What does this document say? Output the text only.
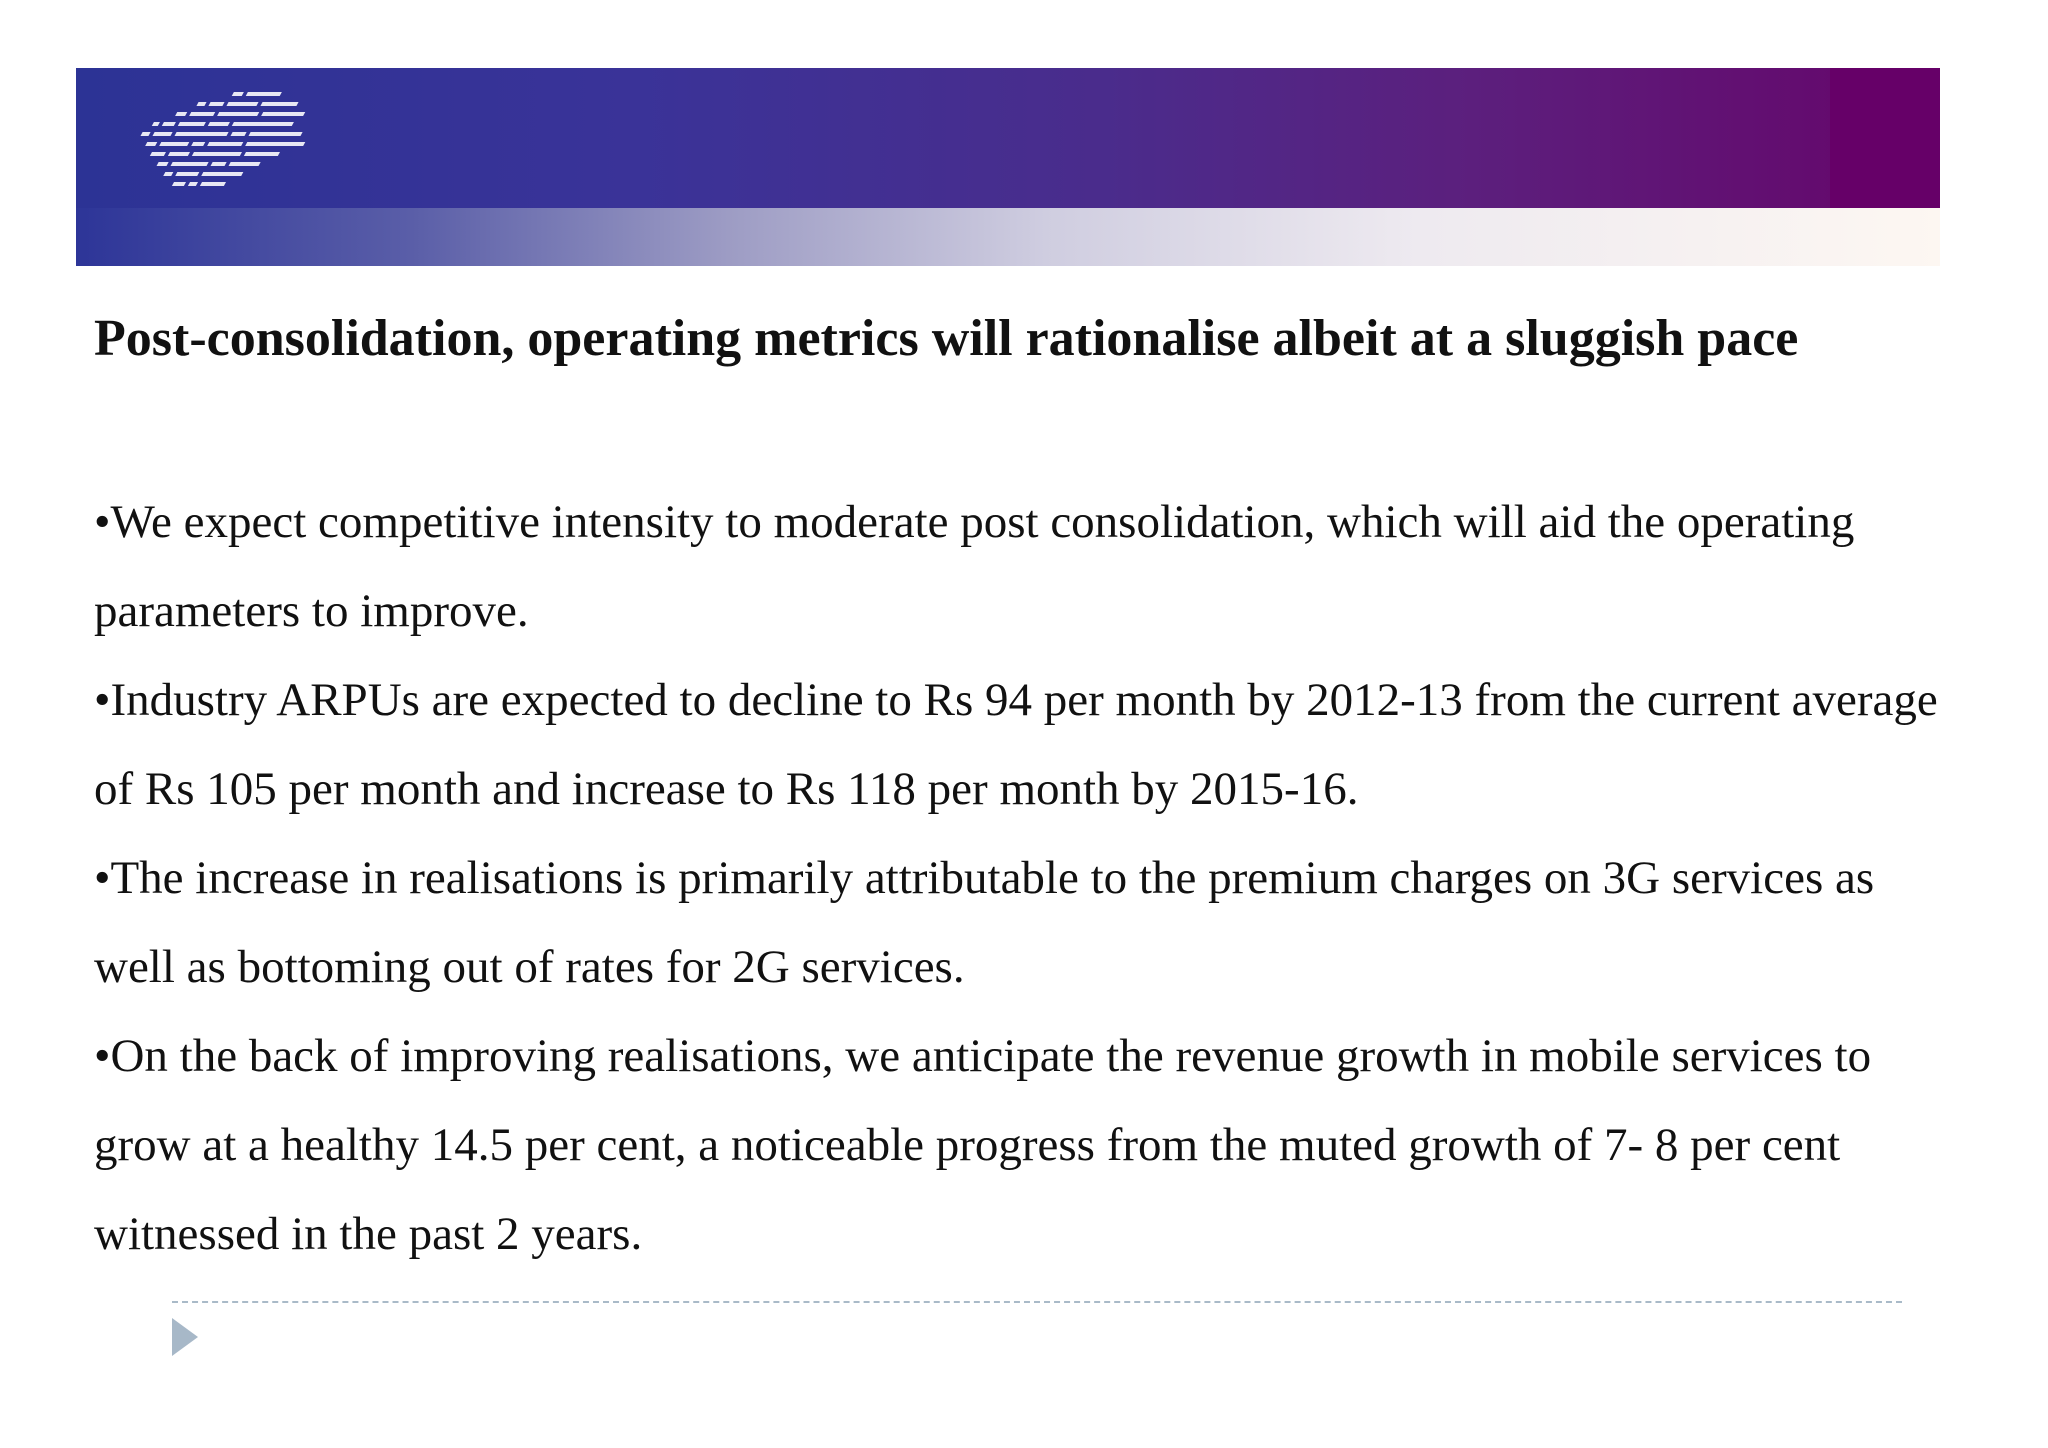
Post-consolidation, operating metrics will rationalise albeit at a sluggish pace
•We expect competitive intensity to moderate post consolidation, which will aid the operating parameters to improve.
•Industry ARPUs are expected to decline to Rs 94 per month by 2012-13 from the current average of Rs 105 per month and increase to Rs 118 per month by 2015-16.
•The increase in realisations is primarily attributable to the premium charges on 3G services as well as bottoming out of rates for 2G services.
•On the back of improving realisations, we anticipate the revenue growth in mobile services to grow at a healthy 14.5 per cent, a noticeable progress from the muted growth of 7- 8 per cent witnessed in the past 2 years.
